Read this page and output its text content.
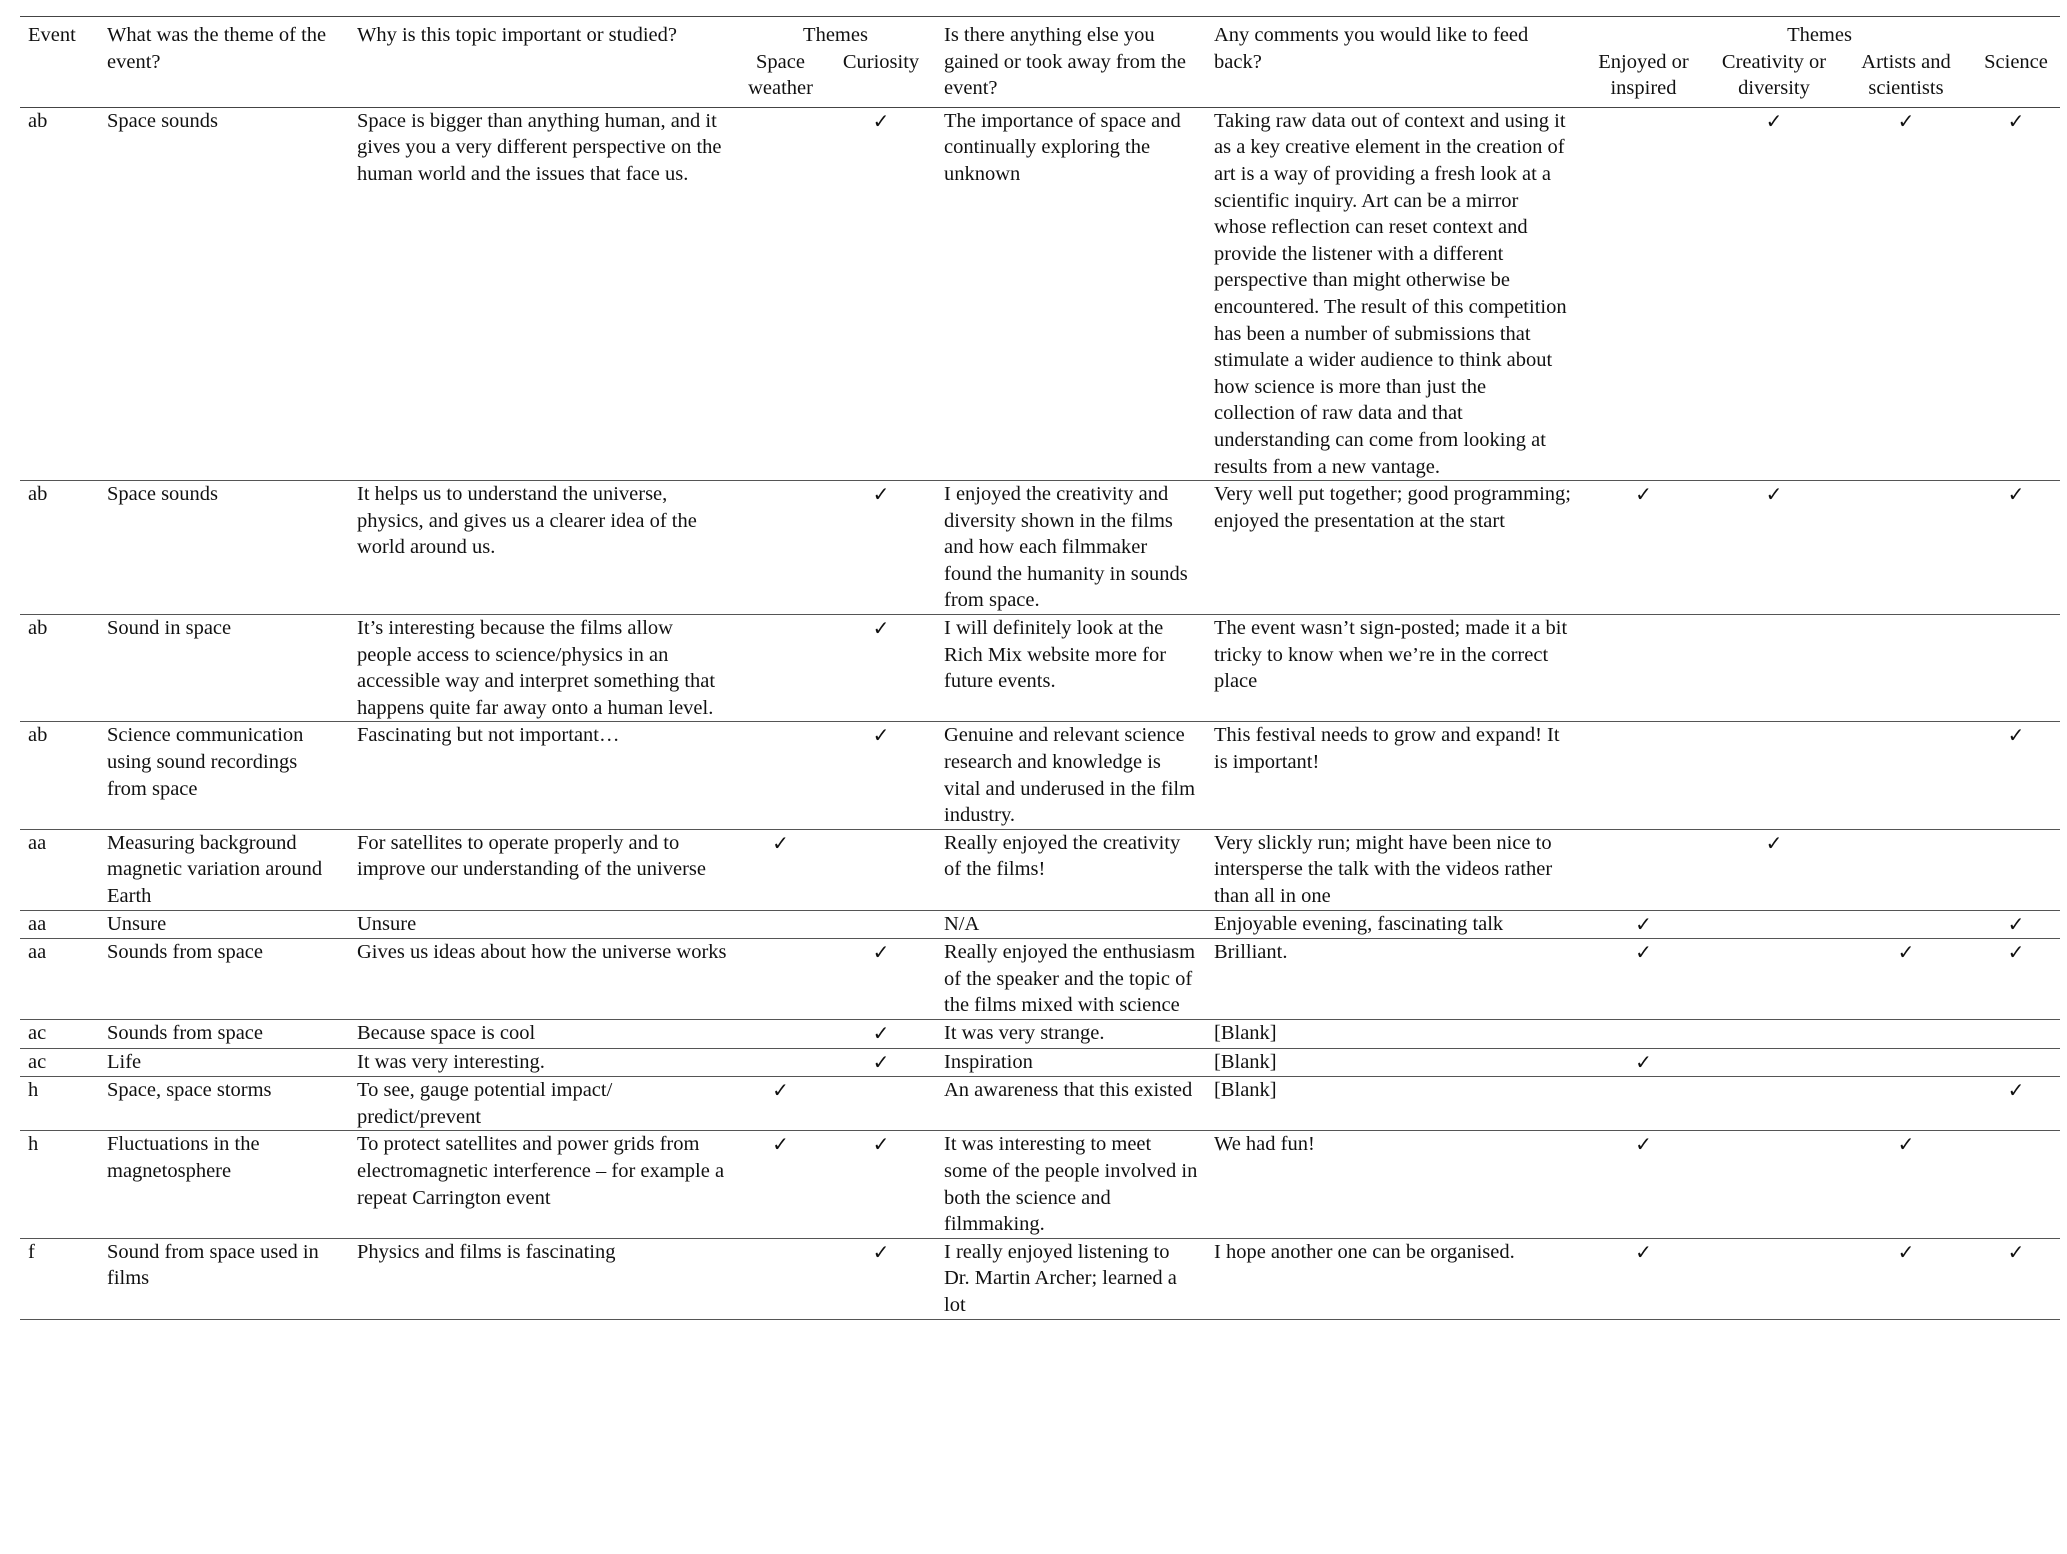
Event	What was the theme of the event?	Why is this topic important or studied?	Themes		Is there anything else you gained or took away from the event?	Any comments you would like to feed back?	Themes			
			Space weather	Curiosity			Enjoyed or inspired	Creativity or diversity	Artists and scientists	Science
ab	Space sounds	Space is bigger than anything human, and it gives you a very different perspective on the human world and the issues that face us.		✓	The importance of space and continually exploring the unknown	Taking raw data out of context and using it as a key creative element in the creation of art is a way of providing a fresh look at a scientific inquiry. Art can be a mirror whose reflection can reset context and provide the listener with a different perspective than might otherwise be encountered. The result of this competition has been a number of submissions that stimulate a wider audience to think about how science is more than just the collection of raw data and that understanding can come from looking at results from a new vantage.		✓	✓	✓
ab	Space sounds	It helps us to understand the universe, physics, and gives us a clearer idea of the world around us.		✓	I enjoyed the creativity and diversity shown in the films and how each filmmaker found the humanity in sounds from space.	Very well put together; good programming; enjoyed the presentation at the start	✓	✓		✓
ab	Sound in space	It’s interesting because the films allow people access to science/physics in an accessible way and interpret something that happens quite far away onto a human level.		✓	I will definitely look at the Rich Mix website more for future events.	The event wasn’t sign-posted; made it a bit tricky to know when we’re in the correct place				
ab	Science communication using sound recordings from space	Fascinating but not important…		✓	Genuine and relevant science research and knowledge is vital and underused in the film industry.	This festival needs to grow and expand! It is important!				✓
aa	Measuring background magnetic variation around Earth	For satellites to operate properly and to improve our understanding of the universe	✓		Really enjoyed the creativity of the films!	Very slickly run; might have been nice to intersperse the talk with the videos rather than all in one		✓		
aa	Unsure	Unsure			N/A	Enjoyable evening, fascinating talk	✓			✓
aa	Sounds from space	Gives us ideas about how the universe works		✓	Really enjoyed the enthusiasm of the speaker and the topic of the films mixed with science	Brilliant.	✓		✓	✓
ac	Sounds from space	Because space is cool		✓	It was very strange.	[Blank]				
ac	Life	It was very interesting.		✓	Inspiration	[Blank]	✓			
h	Space, space storms	To see, gauge potential impact/ predict/prevent	✓		An awareness that this existed	[Blank]				✓
h	Fluctuations in the magnetosphere	To protect satellites and power grids from electromagnetic interference – for example a repeat Carrington event	✓	✓	It was interesting to meet some of the people involved in both the science and filmmaking.	We had fun!	✓		✓	
f	Sound from space used in films	Physics and films is fascinating		✓	I really enjoyed listening to Dr. Martin Archer; learned a lot	I hope another one can be organised.	✓		✓	✓
